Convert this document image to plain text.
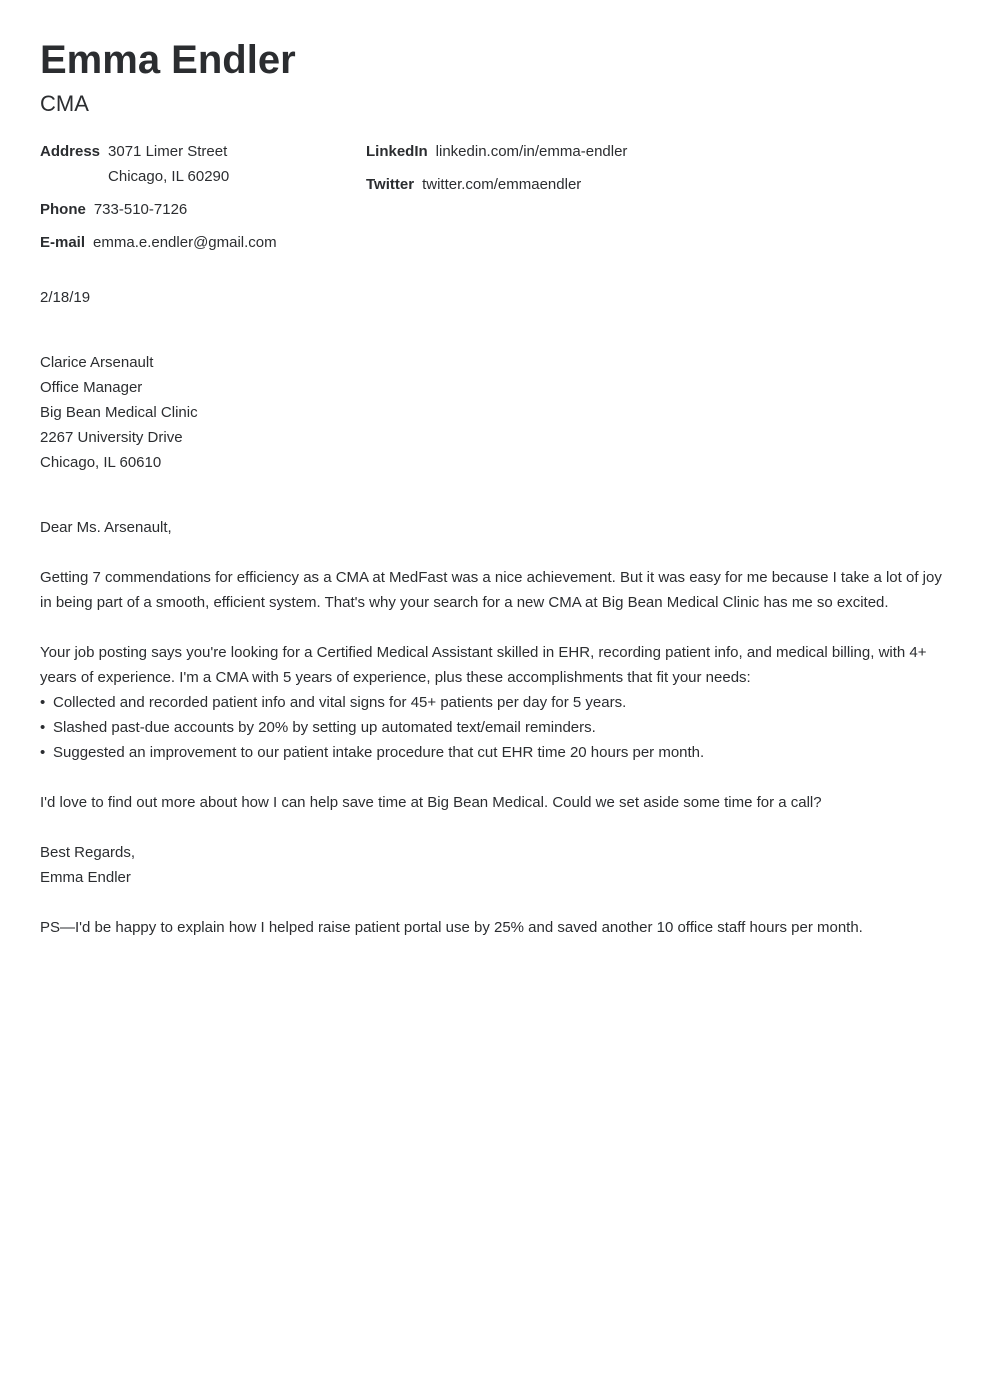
Emma Endler
CMA
Address 3071 Limer Street
Chicago, IL 60290
Phone 733-510-7126
E-mail emma.e.endler@gmail.com
LinkedIn linkedin.com/in/emma-endler
Twitter twitter.com/emmaendler
2/18/19
Clarice Arsenault
Office Manager
Big Bean Medical Clinic
2267 University Drive
Chicago, IL 60610

Dear Ms. Arsenault,

Getting 7 commendations for efficiency as a CMA at MedFast was a nice achievement. But it was easy for me because I take a lot of joy in being part of a smooth, efficient system. That's why your search for a new CMA at Big Bean Medical Clinic has me so excited.

Your job posting says you're looking for a Certified Medical Assistant skilled in EHR, recording patient info, and medical billing, with 4+ years of experience. I'm a CMA with 5 years of experience, plus these accomplishments that fit your needs:

• Collected and recorded patient info and vital signs for 45+ patients per day for 5 years.
• Slashed past-due accounts by 20% by setting up automated text/email reminders.
• Suggested an improvement to our patient intake procedure that cut EHR time 20 hours per month.

I'd love to find out more about how I can help save time at Big Bean Medical. Could we set aside some time for a call?

Best Regards,
Emma Endler

PS—I'd be happy to explain how I helped raise patient portal use by 25% and saved another 10 office staff hours per month.
